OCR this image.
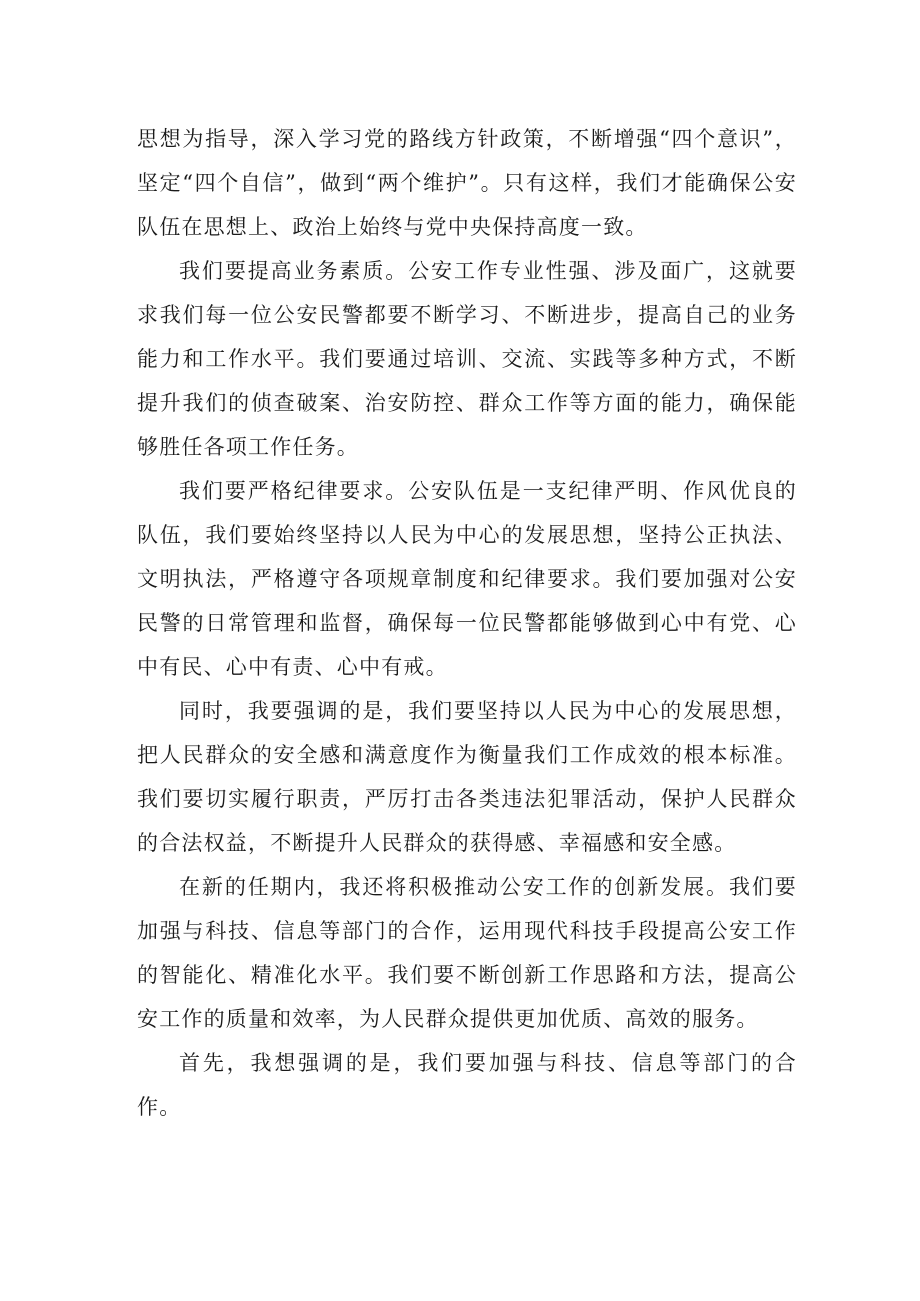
思想为指导，深入学习党的路线方针政策，不断增强“四个意识”，坚定“四个自信”，做到“两个维护”。只有这样，我们才能确保公安队伍在思想上、政治上始终与党中央保持高度一致。

我们要提高业务素质。公安工作专业性强、涉及面广，这就要求我们每一位公安民警都要不断学习、不断进步，提高自己的业务能力和工作水平。我们要通过培训、交流、实践等多种方式，不断提升我们的侦查破案、治安防控、群众工作等方面的能力，确保能够胜任各项工作任务。

我们要严格纪律要求。公安队伍是一支纪律严明、作风优良的队伍，我们要始终坚持以人民为中心的发展思想，坚持公正执法、文明执法，严格遵守各项规章制度和纪律要求。我们要加强对公安民警的日常管理和监督，确保每一位民警都能够做到心中有党、心中有民、心中有责、心中有戒。

同时，我要强调的是，我们要坚持以人民为中心的发展思想，把人民群众的安全感和满意度作为衡量我们工作成效的根本标准。我们要切实履行职责，严厉打击各类违法犯罪活动，保护人民群众的合法权益，不断提升人民群众的获得感、幸福感和安全感。

在新的任期内，我还将积极推动公安工作的创新发展。我们要加强与科技、信息等部门的合作，运用现代科技手段提高公安工作的智能化、精准化水平。我们要不断创新工作思路和方法，提高公安工作的质量和效率，为人民群众提供更加优质、高效的服务。

首先，我想强调的是，我们要加强与科技、信息等部门的合作。
